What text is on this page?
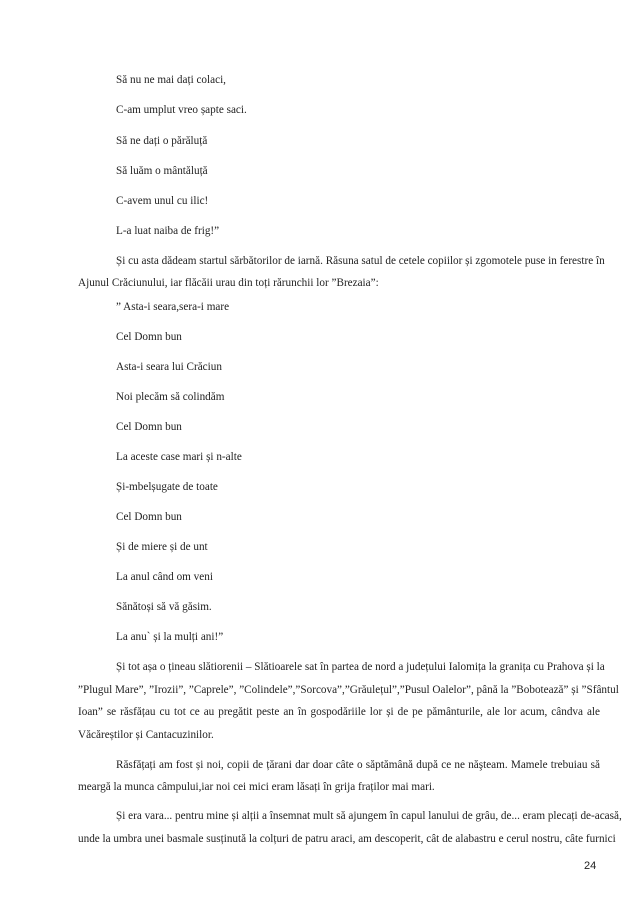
Să nu ne mai dați colaci,
C-am umplut vreo șapte saci.
Să ne dați o părăluță
Să luăm o mântăluță
C-avem unul cu ilic!
L-a luat naiba de frig!”
Și cu asta dădeam startul sărbătorilor de iarnă. Răsuna satul de cetele copiilor și zgomotele puse in ferestre în
Ajunul Crăciunului, iar flăcăii urau din toți rărunchii lor ”Brezaia”:
” Asta-i seara,sera-i mare
Cel Domn bun
Asta-i seara lui Crăciun
Noi plecăm să colindăm
Cel Domn bun
La aceste case mari și n-alte
Și-mbelșugate de toate
Cel Domn bun
Și de miere și de unt
La anul când om veni
Sănătoși să vă găsim.
La anu` și la mulți ani!”
Și tot așa o țineau slătiorenii – Slătioarele sat în partea de nord a județului Ialomița la granița cu Prahova și la
”Plugul Mare”, ”Irozii”, ”Caprele”, ”Colindele”,”Sorcova”,”Grăulețul”,”Pusul Oalelor”, până la ”Bobotează” și ”Sfântul
Ioan” se răsfățau cu tot ce au pregătit peste an în gospodăriile lor și de pe pământurile, ale lor acum, cândva ale
Văcăreștilor și Cantacuzinilor.
Răsfățați am fost și noi, copii de țărani dar doar câte o săptămână după ce ne năşteam. Mamele trebuiau să
meargă la munca câmpului,iar noi cei mici eram lăsați în grija fraților mai mari.
Și era vara... pentru mine și alții a însemnat mult să ajungem în capul lanului de grâu, de... eram plecați de-acasă,
unde la umbra unei basmale susținută la colțuri de patru araci, am descoperit, cât de alabastru e cerul nostru, câte furnici
24
